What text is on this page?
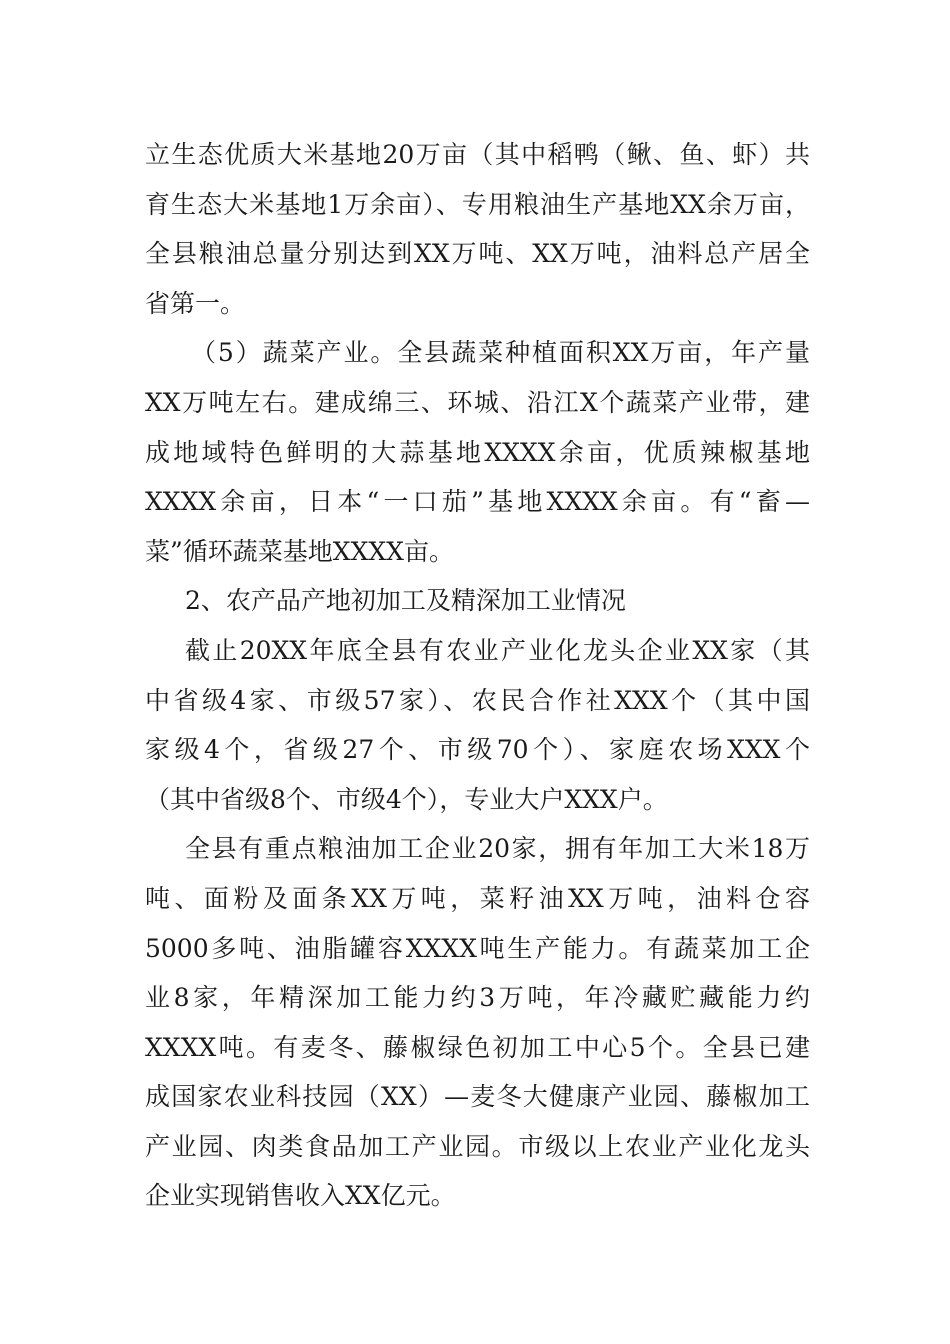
立生态优质大米基地20万亩（其中稻鸭（鳅、鱼、虾）共
育生态大米基地1万余亩）、专用粮油生产基地XX余万亩，
全县粮油总量分别达到XX万吨、XX万吨，油料总产居全
省第一。
（5）蔬菜产业。全县蔬菜种植面积XX万亩，年产量
XX万吨左右。建成绵三、环城、沿江X个蔬菜产业带，建
成地域特色鲜明的大蒜基地XXXX余亩，优质辣椒基地
XXXX余亩，日本“一口茄”基地XXXX余亩。有“畜—
菜”循环蔬菜基地XXXX亩。
2、农产品产地初加工及精深加工业情况
截止20XX年底全县有农业产业化龙头企业XX家（其
中省级4家、市级57家）、农民合作社XXX个（其中国
家级4个，省级27个、市级70个）、家庭农场XXX个
（其中省级8个、市级4个），专业大户XXX户。
全县有重点粮油加工企业20家，拥有年加工大米18万
吨、面粉及面条XX万吨，菜籽油XX万吨，油料仓容
5000多吨、油脂罐容XXXX吨生产能力。有蔬菜加工企
业8家，年精深加工能力约3万吨，年冷藏贮藏能力约
XXXX吨。有麦冬、藤椒绿色初加工中心5个。全县已建
成国家农业科技园（XX）—麦冬大健康产业园、藤椒加工
产业园、肉类食品加工产业园。市级以上农业产业化龙头
企业实现销售收入XX亿元。
